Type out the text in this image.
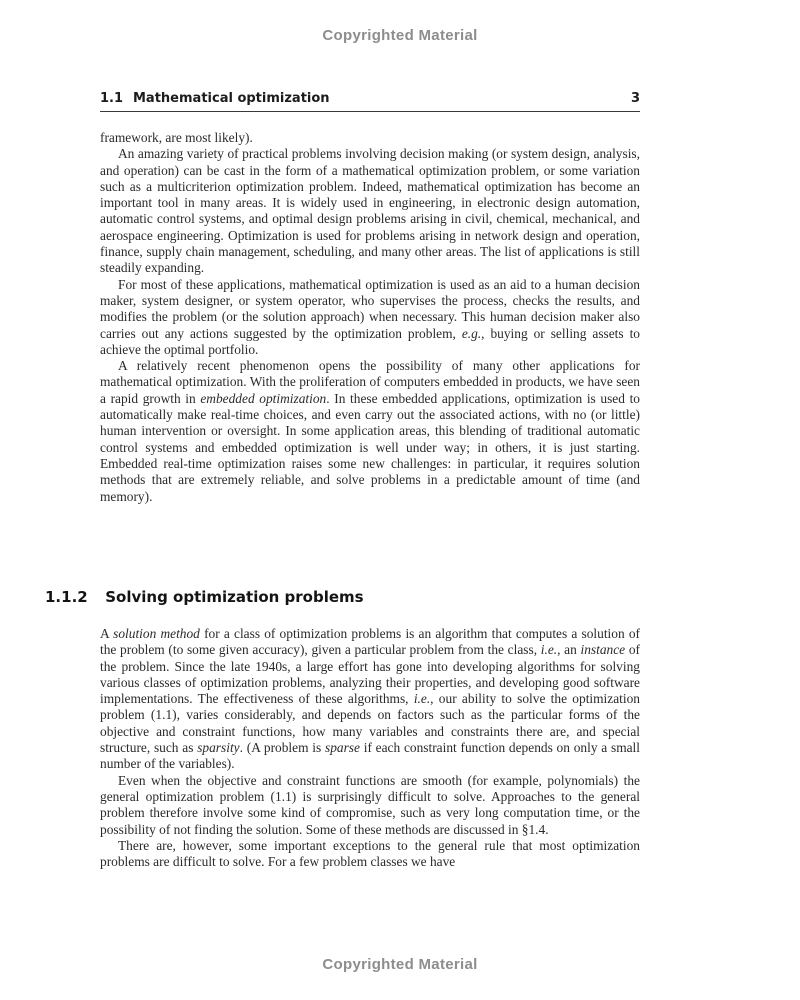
Copyrighted Material
1.1 Mathematical optimization	3

framework, are most likely).

An amazing variety of practical problems involving decision making (or system design, analysis, and operation) can be cast in the form of a mathematical optimization problem, or some variation such as a multicriterion optimization problem. Indeed, mathematical optimization has become an important tool in many areas. It is widely used in engineering, in electronic design automation, automatic control systems, and optimal design problems arising in civil, chemical, mechanical, and aerospace engineering. Optimization is used for problems arising in network design and operation, finance, supply chain management, scheduling, and many other areas. The list of applications is still steadily expanding.

For most of these applications, mathematical optimization is used as an aid to a human decision maker, system designer, or system operator, who supervises the process, checks the results, and modifies the problem (or the solution approach) when necessary. This human decision maker also carries out any actions suggested by the optimization problem, e.g., buying or selling assets to achieve the optimal portfolio.

A relatively recent phenomenon opens the possibility of many other applications for mathematical optimization. With the proliferation of computers embedded in products, we have seen a rapid growth in embedded optimization. In these embedded applications, optimization is used to automatically make real-time choices, and even carry out the associated actions, with no (or little) human intervention or oversight. In some application areas, this blending of traditional automatic control systems and embedded optimization is well under way; in others, it is just starting. Embedded real-time optimization raises some new challenges: in particular, it requires solution methods that are extremely reliable, and solve problems in a predictable amount of time (and memory).

1.1.2 Solving optimization problems

A solution method for a class of optimization problems is an algorithm that computes a solution of the problem (to some given accuracy), given a particular problem from the class, i.e., an instance of the problem. Since the late 1940s, a large effort has gone into developing algorithms for solving various classes of optimization problems, analyzing their properties, and developing good software implementations. The effectiveness of these algorithms, i.e., our ability to solve the optimization problem (1.1), varies considerably, and depends on factors such as the particular forms of the objective and constraint functions, how many variables and constraints there are, and special structure, such as sparsity. (A problem is sparse if each constraint function depends on only a small number of the variables).

Even when the objective and constraint functions are smooth (for example, polynomials) the general optimization problem (1.1) is surprisingly difficult to solve. Approaches to the general problem therefore involve some kind of compromise, such as very long computation time, or the possibility of not finding the solution. Some of these methods are discussed in §1.4.

There are, however, some important exceptions to the general rule that most optimization problems are difficult to solve. For a few problem classes we have

Copyrighted Material
